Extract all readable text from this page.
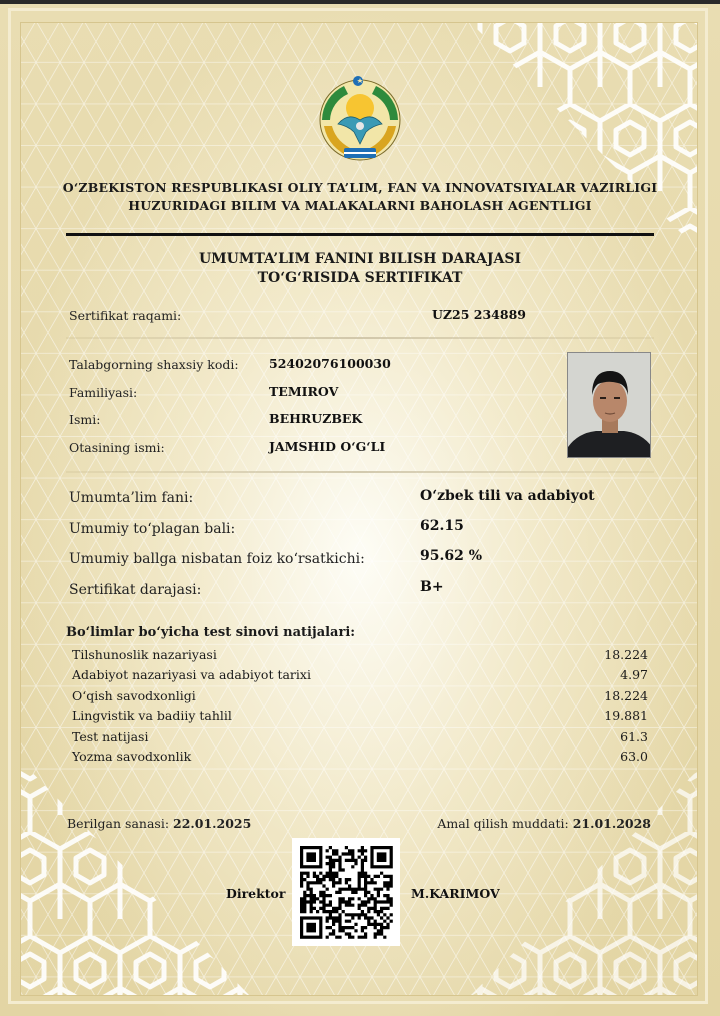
O‘ZBEKISTON RESPUBLIKASI OLIY TA’LIM, FAN VA INNOVATSIYALAR VAZIRLIGI
HUZURIDAGI BILIM VA MALAKALARNI BAHOLASH AGENTLIGI
UMUMTA’LIM FANINI BILISH DARAJASI
TO‘G‘RISIDA SERTIFIKAT
Sertifikat raqami:	UZ25 234889
Talabgorning shaxsiy kodi: 52402076100030
Familiyasi:	TEMIROV
Ismi:	BEHRUZBEK
Otasining ismi:	JAMSHID O‘G‘LI
Umumta’lim fani:	O‘zbek tili va adabiyot
Umumiy to‘plagan bali:	62.15
Umumiy ballga nisbatan foiz ko‘rsatkichi:	95.62 %
Sertifikat darajasi:	B+
Bo‘limlar bo‘yicha test sinovi natijalari:
Tilshunoslik nazariyasi	18.224
Adabiyot nazariyasi va adabiyot tarixi	4.97
O‘qish savodxonligi	18.224
Lingvistik va badiiy tahlil	19.881
Test natijasi	61.3
Yozma savodxonlik	63.0
Berilgan sanasi: 22.01.2025	Amal qilish muddati: 21.01.2028
Direktor	M.KARIMOV
